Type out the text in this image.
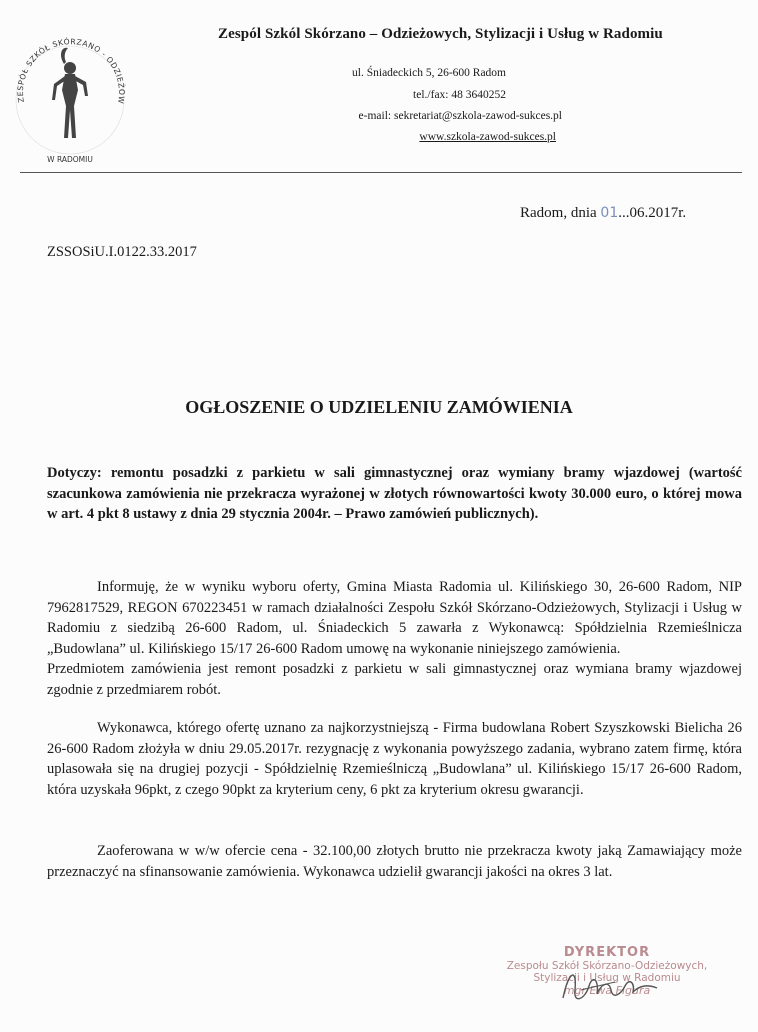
ZESPÓŁ SZKÓŁ SKÓRZANO - ODZIEŻOW
W RADOMIU
Zespól Szkól Skórzano – Odzieżowych, Stylizacji i Usług w Radomiu
ul. Śniadeckich 5, 26-600 Radom
tel./fax: 48 3640252
e-mail: sekretariat@szkola-zawod-sukces.pl
www.szkola-zawod-sukces.pl
Radom, dnia 01...06.2017r.
ZSSOSiU.I.0122.33.2017
OGŁOSZENIE O UDZIELENIU ZAMÓWIENIA
Dotyczy: remontu posadzki z parkietu w sali gimnastycznej oraz wymiany bramy wjazdowej (wartość szacunkowa zamówienia nie przekracza wyrażonej w złotych równowartości kwoty 30.000 euro, o której mowa w art. 4 pkt 8 ustawy z dnia 29 stycznia 2004r. – Prawo zamówień publicznych).
Informuję, że w wyniku wyboru oferty, Gmina Miasta Radomia ul. Kilińskiego 30, 26-600 Radom, NIP 7962817529, REGON 670223451 w ramach działalności Zespołu Szkół Skórzano-Odzieżowych, Stylizacji i Usług w Radomiu z siedzibą 26-600 Radom, ul. Śniadeckich 5 zawarła z Wykonawcą: Spółdzielnia Rzemieślnicza „Budowlana” ul. Kilińskiego 15/17 26-600 Radom umowę na wykonanie niniejszego zamówienia.
Przedmiotem zamówienia jest remont posadzki z parkietu w sali gimnastycznej oraz wymiana bramy wjazdowej zgodnie z przedmiarem robót.
Wykonawca, którego ofertę uznano za najkorzystniejszą - Firma budowlana Robert Szyszkowski Bielicha 26 26-600 Radom złożyła w dniu 29.05.2017r. rezygnację z wykonania powyższego zadania, wybrano zatem firmę, która uplasowała się na drugiej pozycji - Spółdzielnię Rzemieślniczą „Budowlana” ul. Kilińskiego 15/17 26-600 Radom, która uzyskała 96pkt, z czego 90pkt za kryterium ceny, 6 pkt za kryterium okresu gwarancji.
Zaoferowana w w/w ofercie cena - 32.100,00 złotych brutto nie przekracza kwoty jaką Zamawiający może przeznaczyć na sfinansowanie zamówienia. Wykonawca udzielił gwarancji jakości na okres 3 lat.
DYREKTOR
Zespołu Szkół Skórzano-Odzieżowych,
Stylizacji i Usług w Radomiu
mgr Ewa Figura
